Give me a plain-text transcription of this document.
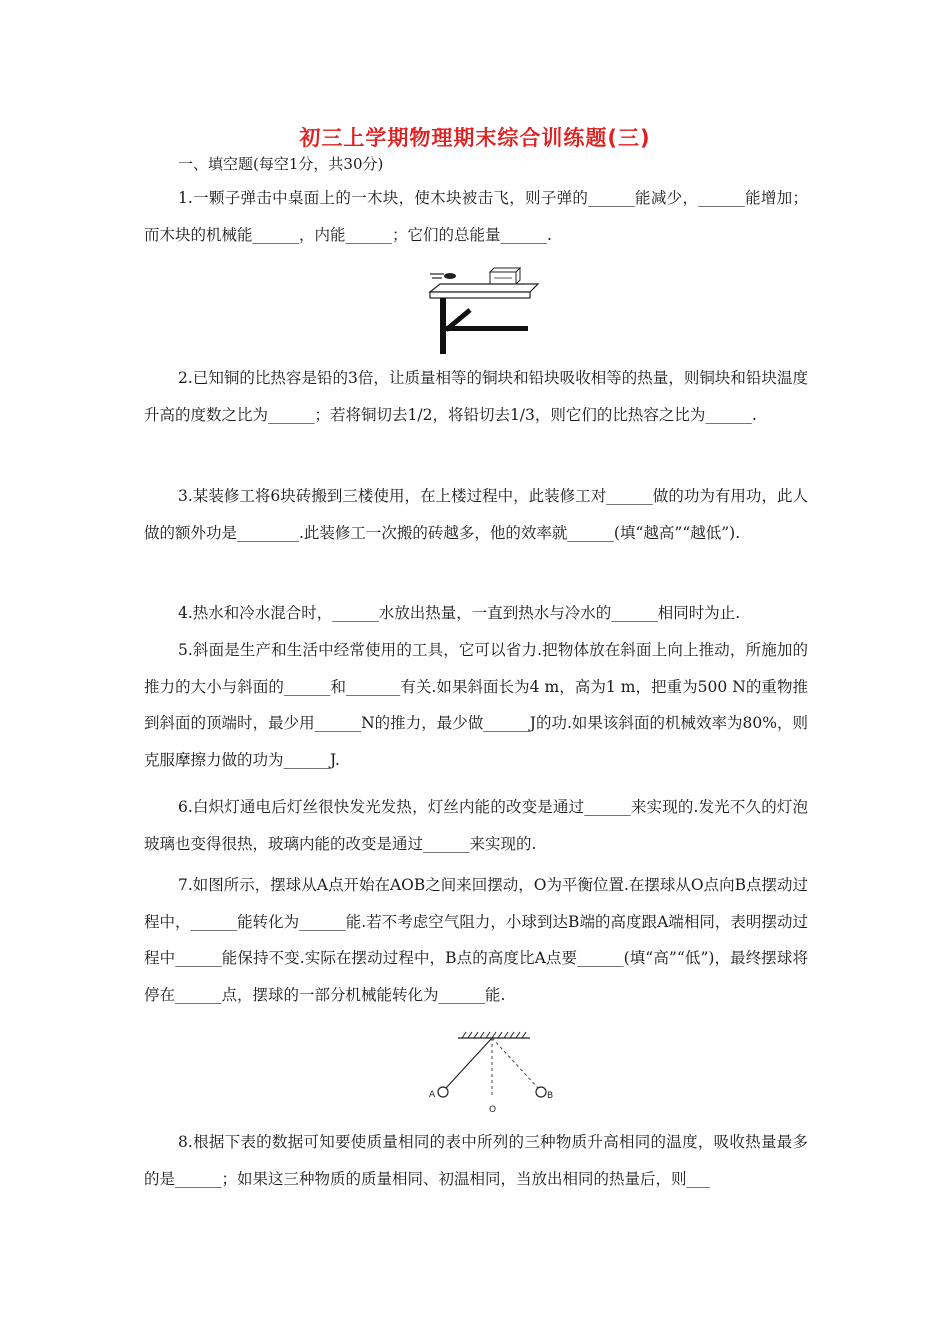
初三上学期物理期末综合训练题(三)
一、填空题(每空1分，共30分)
1.一颗子弹击中桌面上的一木块，使木块被击飞，则子弹的______能减少，______能增加；而木块的机械能______，内能______；它们的总能量______.
2.已知铜的比热容是铅的3倍，让质量相等的铜块和铅块吸收相等的热量，则铜块和铅块温度升高的度数之比为______；若将铜切去1/2，将铅切去1/3，则它们的比热容之比为______.
3.某装修工将6块砖搬到三楼使用，在上楼过程中，此装修工对______做的功为有用功，此人做的额外功是________.此装修工一次搬的砖越多，他的效率就______(填“越高”“越低”).
4.热水和冷水混合时，______水放出热量，一直到热水与冷水的______相同时为止.
5.斜面是生产和生活中经常使用的工具，它可以省力.把物体放在斜面上向上推动，所施加的推力的大小与斜面的______和_______有关.如果斜面长为4 m，高为1 m，把重为500 N的重物推到斜面的顶端时，最少用______N的推力，最少做______J的功.如果该斜面的机械效率为80%，则克服摩擦力做的功为______J.
6.白炽灯通电后灯丝很快发光发热，灯丝内能的改变是通过______来实现的.发光不久的灯泡玻璃也变得很热，玻璃内能的改变是通过______来实现的.
7.如图所示，摆球从A点开始在AOB之间来回摆动，O为平衡位置.在摆球从O点向B点摆动过程中，______能转化为______能.若不考虑空气阻力，小球到达B端的高度跟A端相同，表明摆动过程中______能保持不变.实际在摆动过程中，B点的高度比A点要______(填“高”“低”)，最终摆球将停在______点，摆球的一部分机械能转化为______能.
A
O
B
8.根据下表的数据可知要使质量相同的表中所列的三种物质升高相同的温度，吸收热量最多的是______；如果这三种物质的质量相同、初温相同，当放出相同的热量后，则___
